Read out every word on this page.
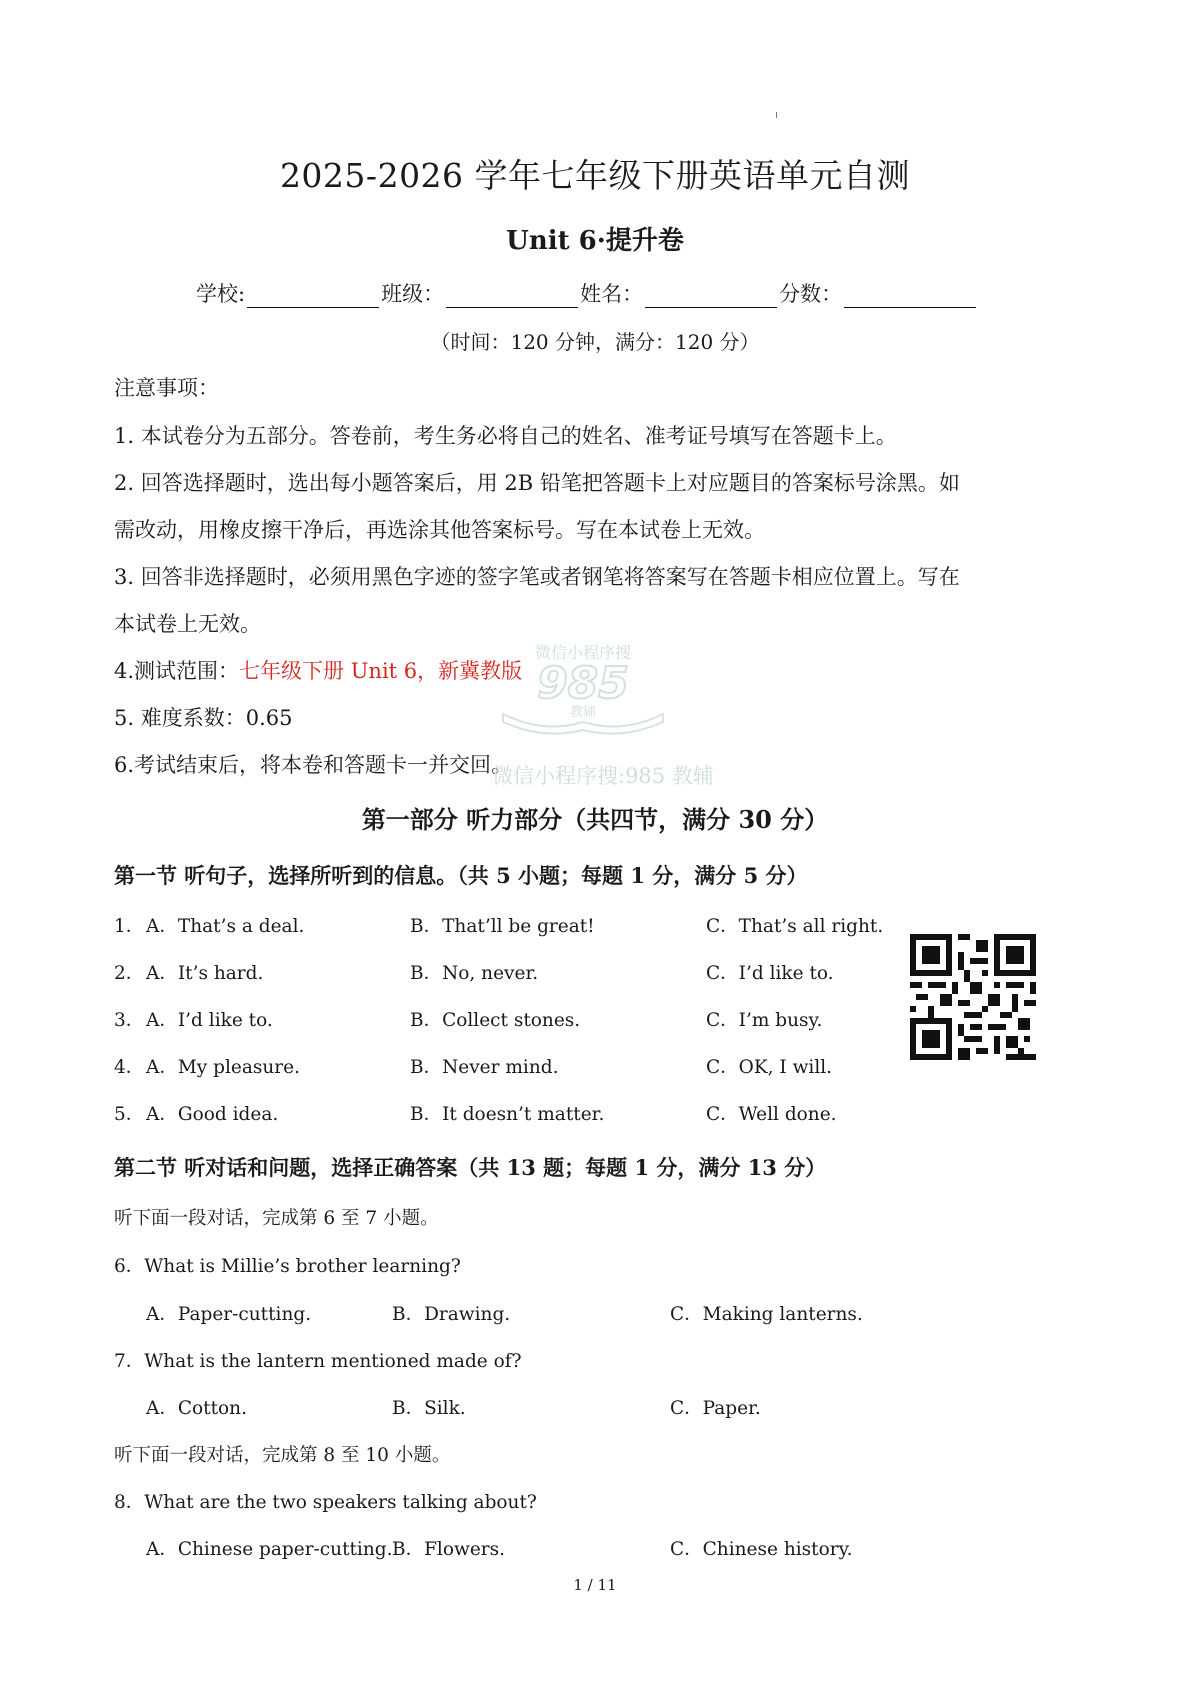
2025-2026 学年七年级下册英语单元自测
Unit 6·提升卷
学校:	班级：	姓名：	分数：
（时间：120 分钟，满分：120 分）
注意事项：
1. 本试卷分为五部分。答卷前，考生务必将自己的姓名、准考证号填写在答题卡上。
2. 回答选择题时，选出每小题答案后，用 2B 铅笔把答题卡上对应题目的答案标号涂黑。如
需改动，用橡皮擦干净后，再选涂其他答案标号。写在本试卷上无效。
3. 回答非选择题时，必须用黑色字迹的签字笔或者钢笔将答案写在答题卡相应位置上。写在
本试卷上无效。
4.测试范围：七年级下册 Unit 6，新冀教版
5. 难度系数：0.65
6.考试结束后，将本卷和答题卡一并交回。
微信小程序搜
985
教辅
微信小程序搜:985 教辅
第一部分 听力部分（共四节，满分 30 分）
第一节 听句子，选择所听到的信息。（共 5 小题；每题 1 分，满分 5 分）
1． A．That’s a deal.	B．That’ll be great!	C．That’s all right.
2． A．It’s hard.	B．No, never.	C．I’d like to.
3． A．I’d like to.	B．Collect stones.	C．I’m busy.
4． A．My pleasure.	B．Never mind.	C．OK, I will.
5． A．Good idea.	B．It doesn’t matter.	C．Well done.
第二节 听对话和问题，选择正确答案（共 13 题；每题 1 分，满分 13 分）
听下面一段对话，完成第 6 至 7 小题。
6．What is Millie’s brother learning?
A．Paper-cutting.	B．Drawing.	C．Making lanterns.
7．What is the lantern mentioned made of?
A．Cotton.	B．Silk.	C．Paper.
听下面一段对话，完成第 8 至 10 小题。
8．What are the two speakers talking about?
A．Chinese paper-cutting. B．Flowers.	C．Chinese history.
1 / 11
